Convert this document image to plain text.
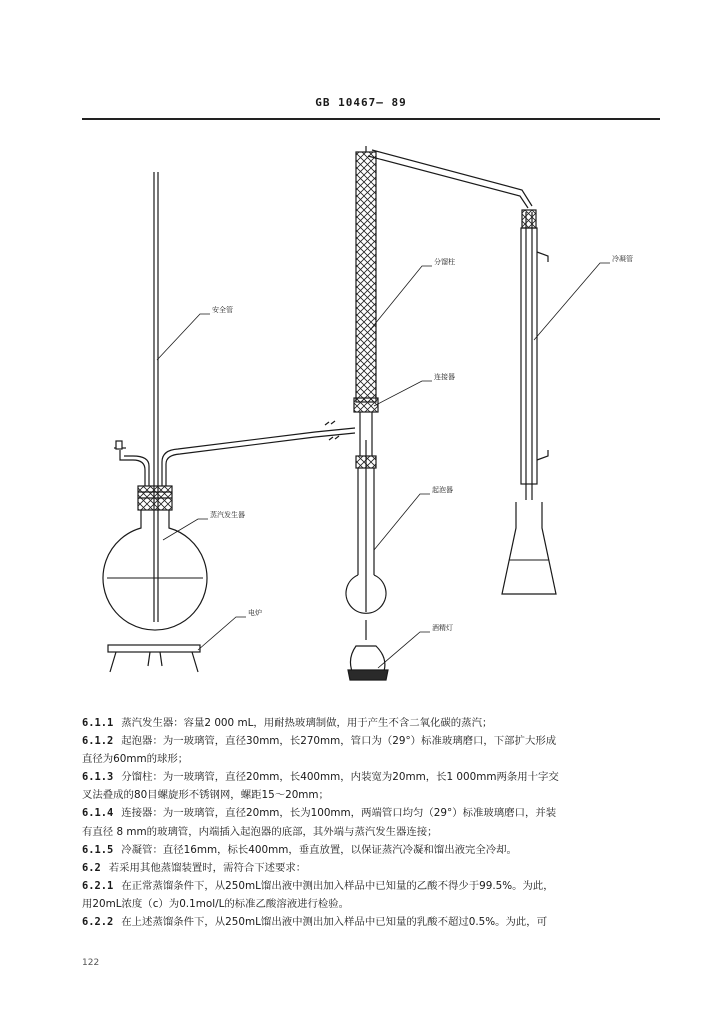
GB 10467— 89
安全管
蒸汽发生器
电炉
分馏柱
连接器
起泡器
酒精灯
冷凝管

6.1.1 蒸汽发生器：容量2 000 mL，用耐热玻璃制做，用于产生不含二氧化碳的蒸汽；

6.1.2 起泡器：为一玻璃管，直径30mm，长270mm，管口为（29°）标准玻璃磨口，下部扩大形成

直径为60mm的球形；

6.1.3 分馏柱：为一玻璃管，直径20mm，长400mm，内装宽为20mm，长1 000mm两条用十字交

叉法叠成的80目螺旋形不锈钢网，螺距15～20mm；

6.1.4 连接器：为一玻璃管，直径20mm，长为100mm，两端管口均匀（29°）标准玻璃磨口，并装

有直径 8 mm的玻璃管，内端插入起泡器的底部，其外端与蒸汽发生器连接；

6.1.5 冷凝管：直径16mm，标长400mm，垂直放置，以保证蒸汽冷凝和馏出液完全冷却。

6.2 若采用其他蒸馏装置时，需符合下述要求：

6.2.1 在正常蒸馏条件下，从250mL馏出液中测出加入样品中已知量的乙酸不得少于99.5%。为此，

用20mL浓度（c）为0.1mol/L的标准乙酸溶液进行检验。

6.2.2 在上述蒸馏条件下，从250mL馏出液中测出加入样品中已知量的乳酸不超过0.5%。为此，可

122
